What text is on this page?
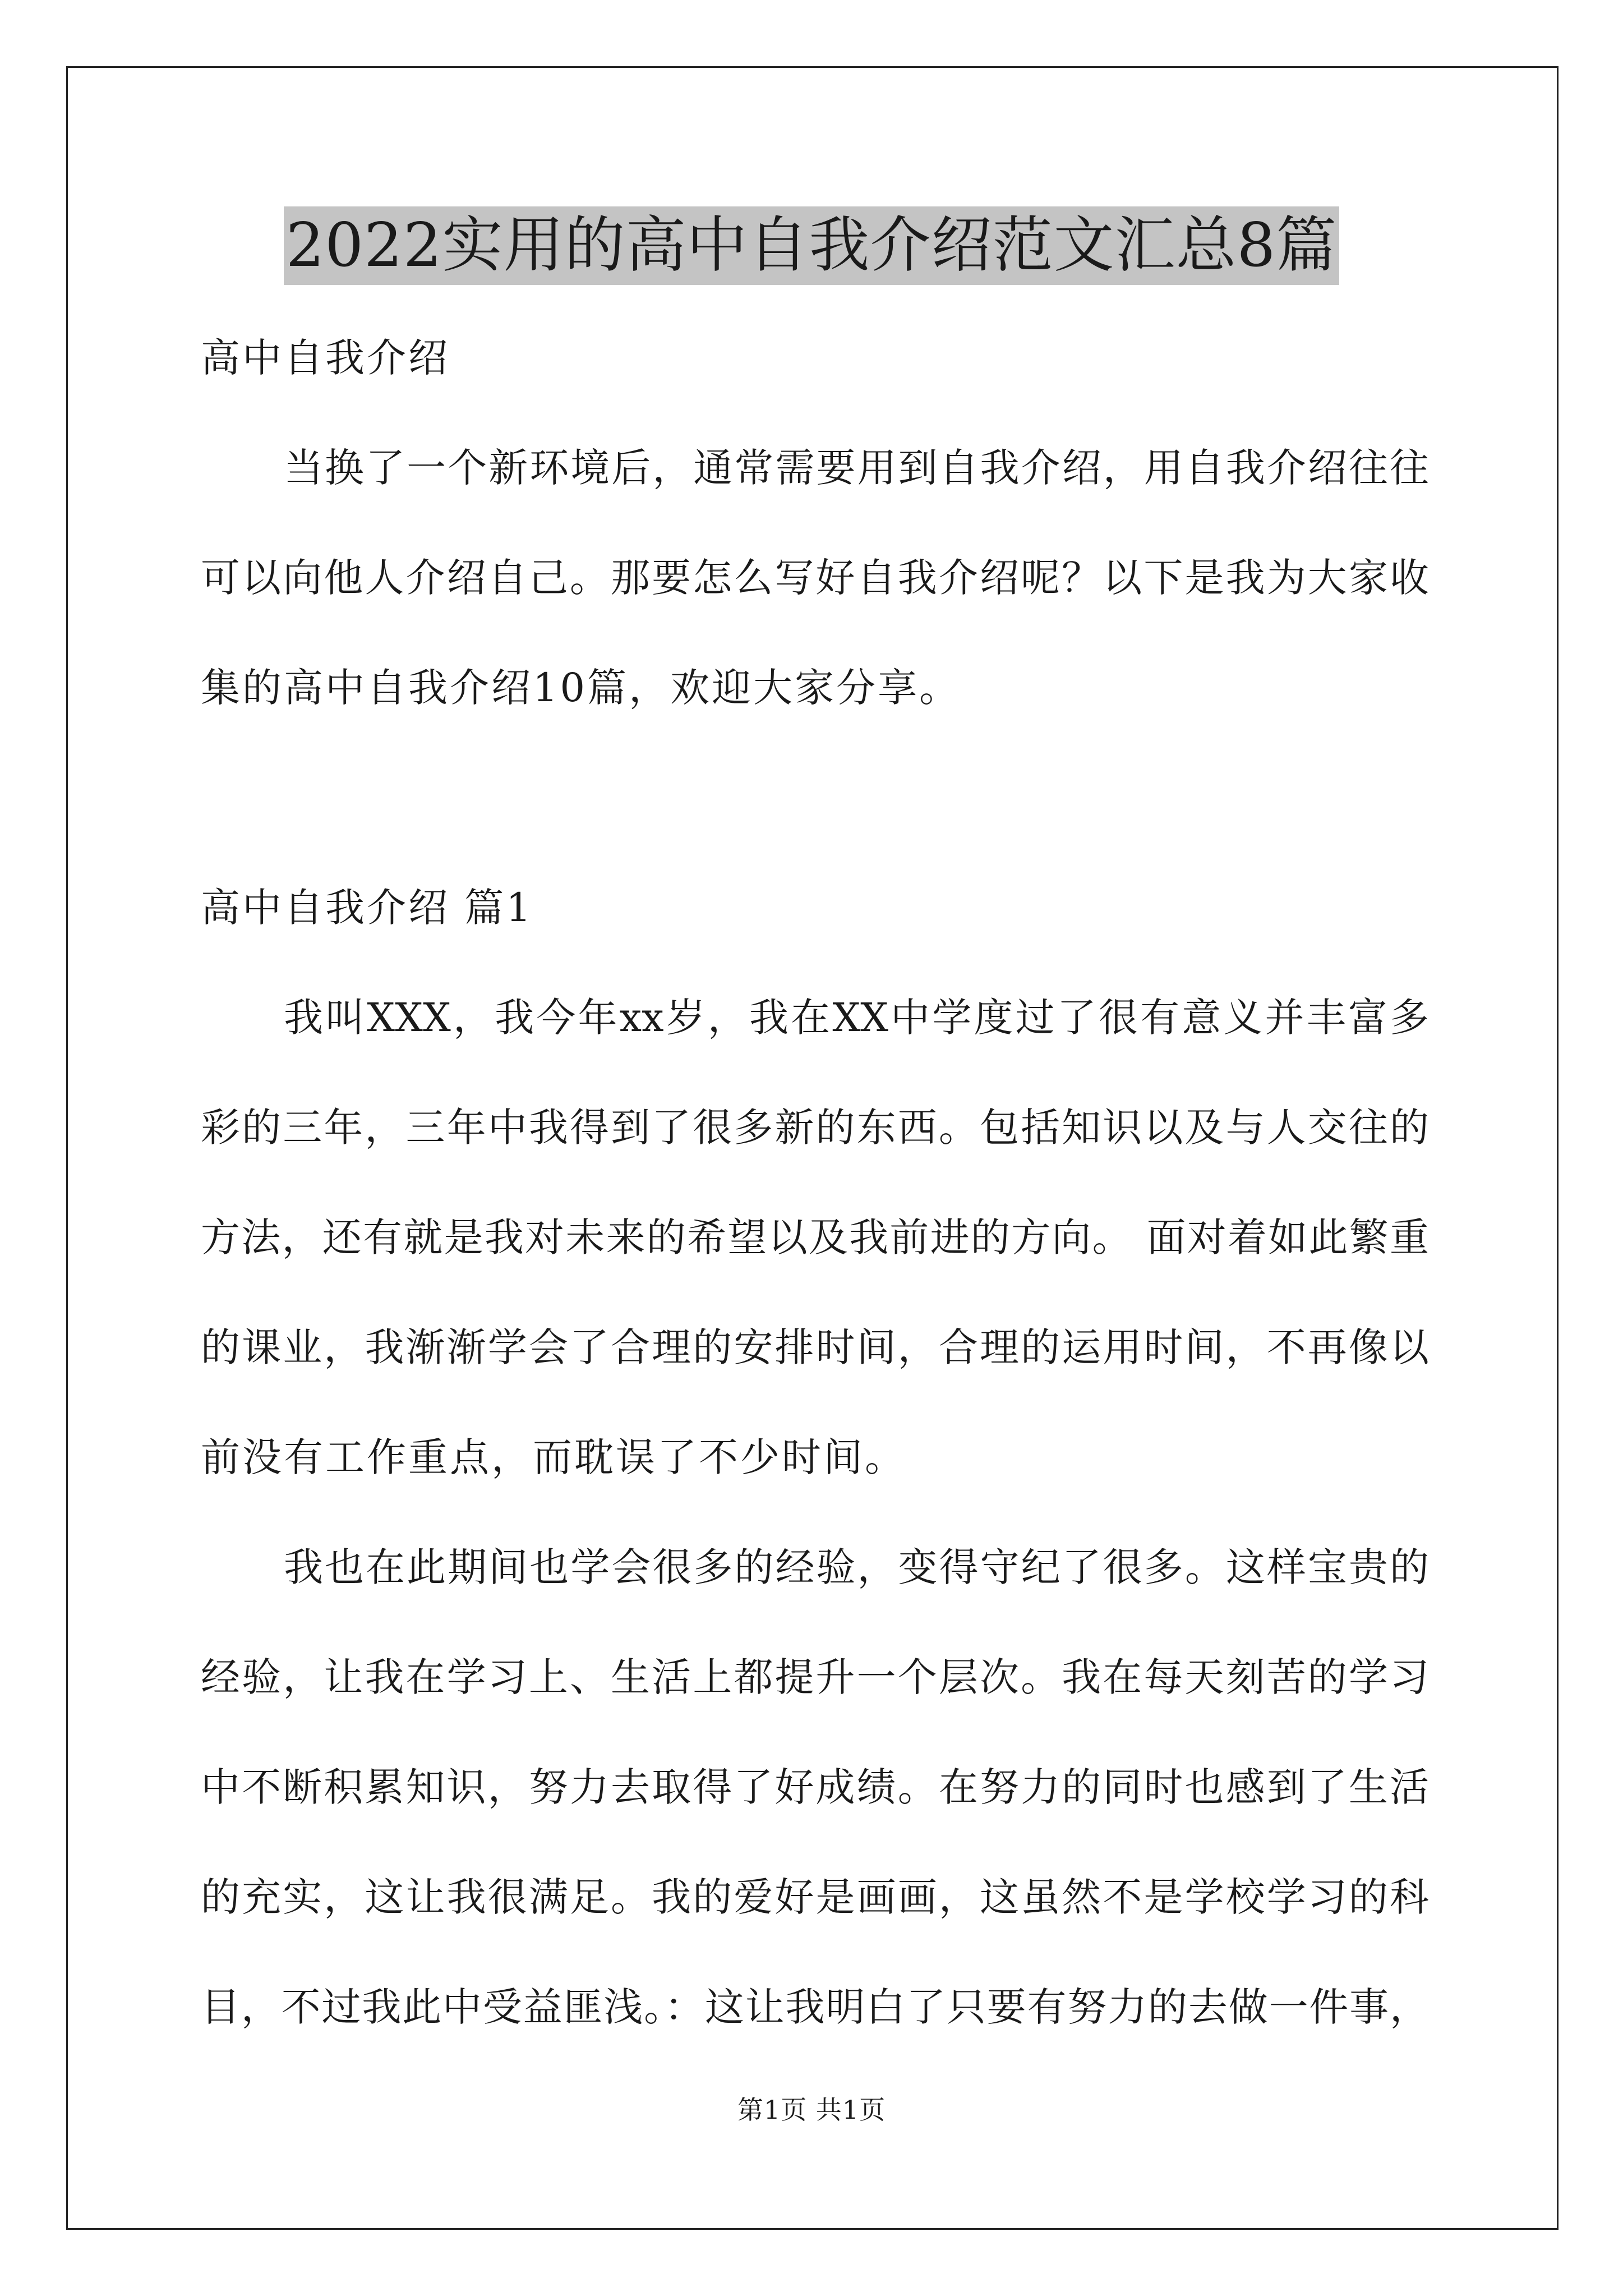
2022实用的高中自我介绍范文汇总8篇
高中自我介绍
当换了一个新环境后，通常需要用到自我介绍，用自我介绍往往
可以向他人介绍自己。那要怎么写好自我介绍呢？以下是我为大家收
集的高中自我介绍10篇，欢迎大家分享。
高中自我介绍 篇1
我叫XXX，我今年xx岁，我在XX中学度过了很有意义并丰富多
彩的三年，三年中我得到了很多新的东西。包括知识以及与人交往的
方法，还有就是我对未来的希望以及我前进的方向。 面对着如此繁重
的课业，我渐渐学会了合理的安排时间，合理的运用时间，不再像以
前没有工作重点，而耽误了不少时间。
我也在此期间也学会很多的经验，变得守纪了很多。这样宝贵的
经验，让我在学习上、生活上都提升一个层次。我在每天刻苦的学习
中不断积累知识，努力去取得了好成绩。在努力的同时也感到了生活
的充实，这让我很满足。我的爱好是画画，这虽然不是学校学习的科
目，不过我此中受益匪浅。：这让我明白了只要有努力的去做一件事，
第1页 共1页
